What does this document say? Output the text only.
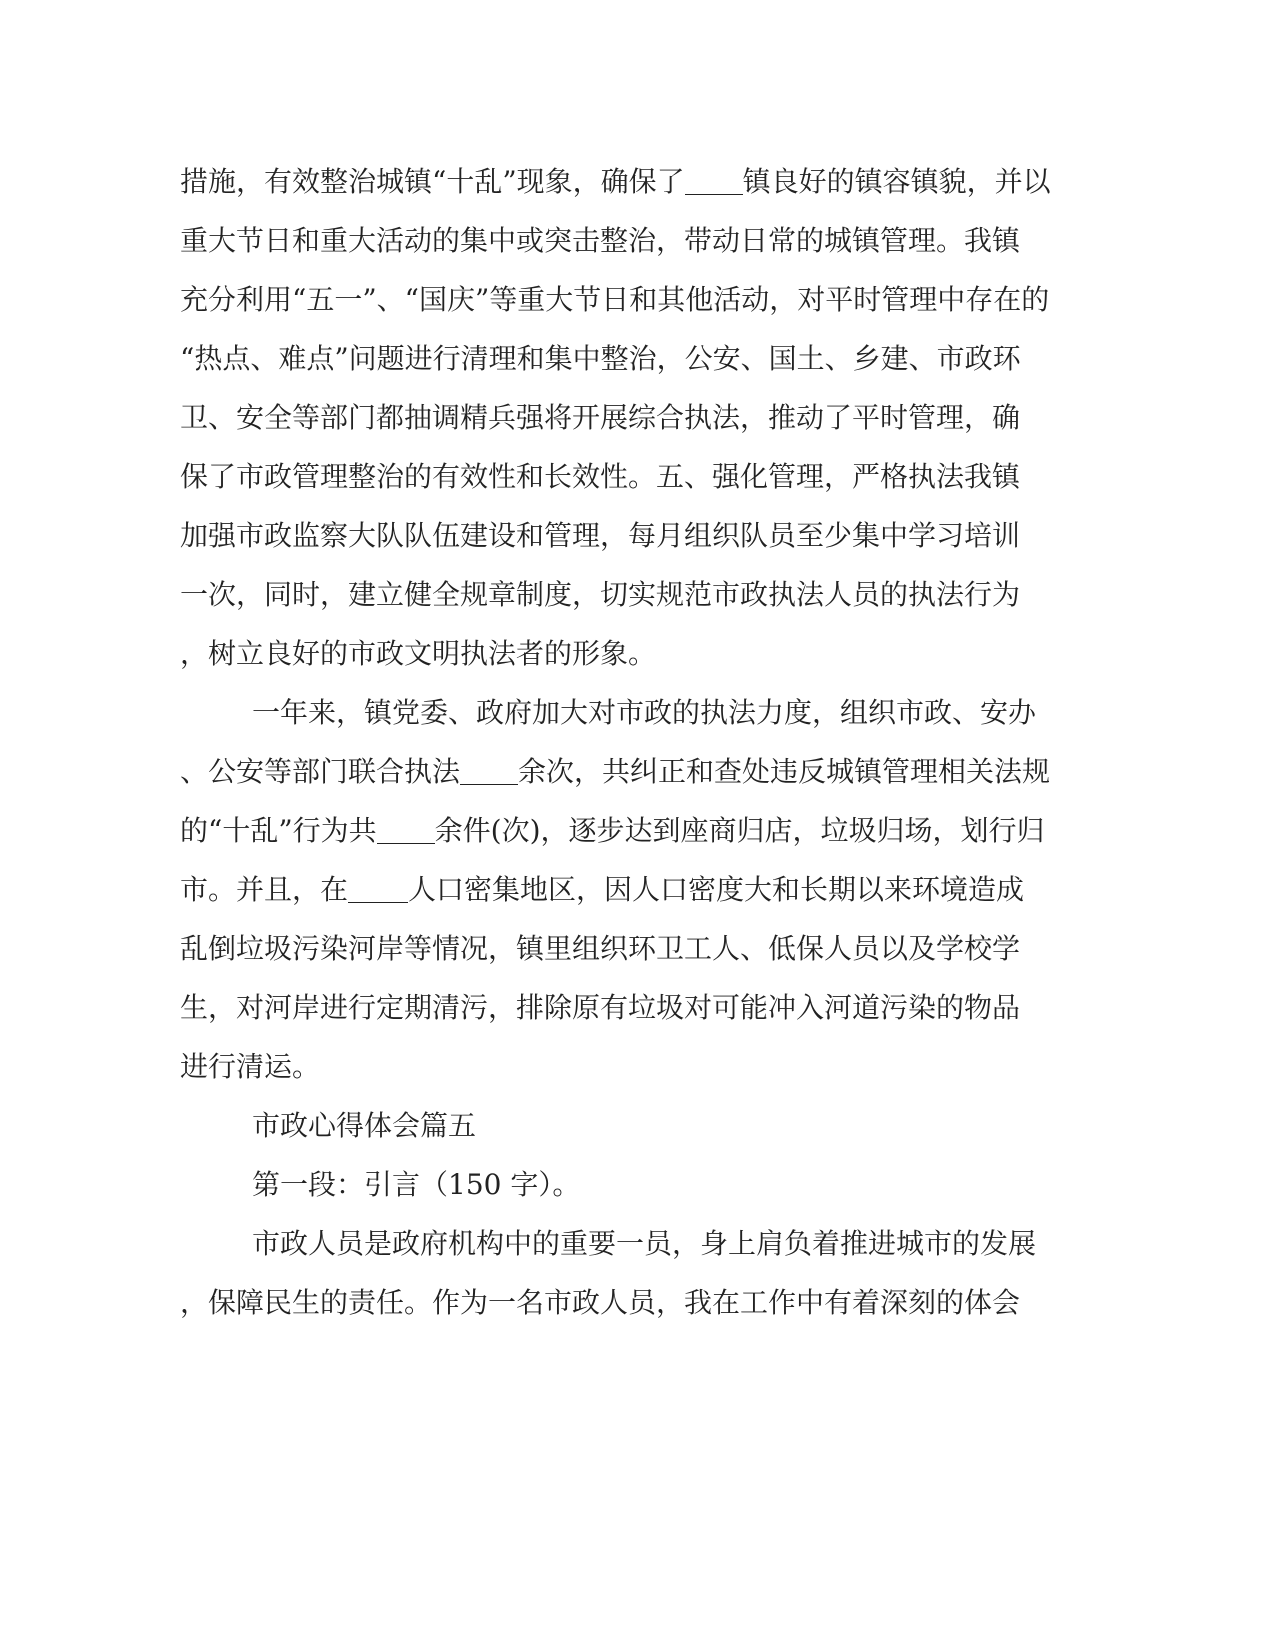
措施，有效整治城镇“十乱”现象，确保了 镇良好的镇容镇貌，并以
重大节日和重大活动的集中或突击整治，带动日常的城镇管理。我镇
充分利用“五一”、“国庆”等重大节日和其他活动，对平时管理中存在的
“热点、难点”问题进行清理和集中整治，公安、国土、乡建、市政环
卫、安全等部门都抽调精兵强将开展综合执法，推动了平时管理，确
保了市政管理整治的有效性和长效性。五、强化管理，严格执法我镇
加强市政监察大队队伍建设和管理，每月组织队员至少集中学习培训
一次，同时，建立健全规章制度，切实规范市政执法人员的执法行为
，树立良好的市政文明执法者的形象。
一年来，镇党委、政府加大对市政的执法力度，组织市政、安办
、公安等部门联合执法 余次，共纠正和查处违反城镇管理相关法规
的“十乱”行为共 余件(次)，逐步达到座商归店，垃圾归场，划行归
市。并且，在 人口密集地区，因人口密度大和长期以来环境造成
乱倒垃圾污染河岸等情况，镇里组织环卫工人、低保人员以及学校学
生，对河岸进行定期清污，排除原有垃圾对可能冲入河道污染的物品
进行清运。
市政心得体会篇五
第一段：引言（150 字）。
市政人员是政府机构中的重要一员，身上肩负着推进城市的发展
，保障民生的责任。作为一名市政人员，我在工作中有着深刻的体会
